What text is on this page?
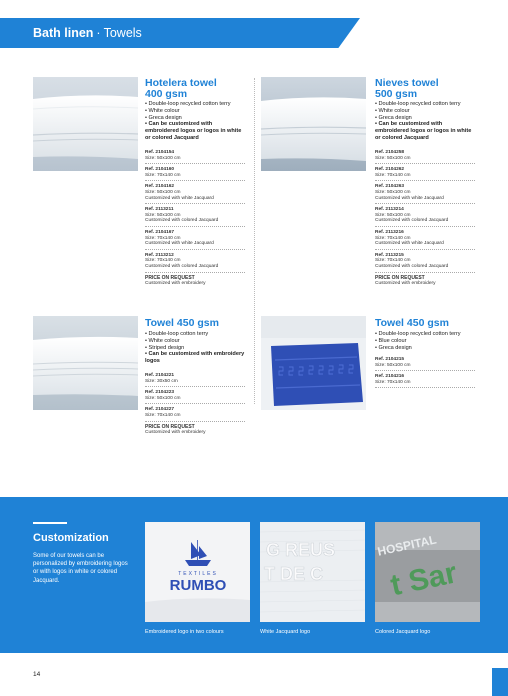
Bath linen · Towels
Hotelera towel
400 gsm
• Double-loop recycled cotton terry
• White colour
• Greca design
• Can be customized with embroidered logos or logos in white or colored Jacquard
Ref. 2104154
Size: 50x100 cm
Ref. 2104160
Size: 70x140 cm
Ref. 2104162
Size: 50x100 cm
Customized with white Jacquard
Ref. 2113211
Size: 50x100 cm
Customized with colored Jacquard
Ref. 2104167
Size: 70x140 cm
Customized with white Jacquard
Ref. 2113212
Size: 70x140 cm
Customized with colored Jacquard
PRICE ON REQUEST
Customized with embroidery
Nieves towel
500 gsm
• Double-loop recycled cotton terry
• White colour
• Greca design
• Can be customized with embroidered logos or logos in white or colored Jacquard
Ref. 2104258
Size: 50x100 cm
Ref. 2104262
Size: 70x140 cm
Ref. 2104263
Size: 50x100 cm
Customized with white Jacquard
Ref. 2113214
Size: 50x100 cm
Customized with colored Jacquard
Ref. 2113216
Size: 70x140 cm
Customized with white Jacquard
Ref. 2113215
Size: 70x140 cm
Customized with colored Jacquard
PRICE ON REQUEST
Customized with embroidery
Towel 450 gsm
• Double-loop cotton terry
• White colour
• Striped design
• Can be customized with embroidery logos
Ref. 2104221
Size: 30x50 cm
Ref. 2104223
Size: 50x100 cm
Ref. 2104227
Size: 70x140 cm
PRICE ON REQUEST
Customized with embroidery
Towel 450 gsm
• Double-loop recycled cotton terry
• Blue colour
• Greca design
Ref. 2104215
Size: 50x100 cm
Ref. 2104216
Size: 70x140 cm
Customization
Some of our towels can be personalized by embroidering logos or with logos in white or colored Jacquard.
TEXTILES
RUMBO
G REUS
T DE C
HOSPITAL
t Sar
Embroidered logo in two colours	White Jacquard logo	Colored Jacquard logo
14
